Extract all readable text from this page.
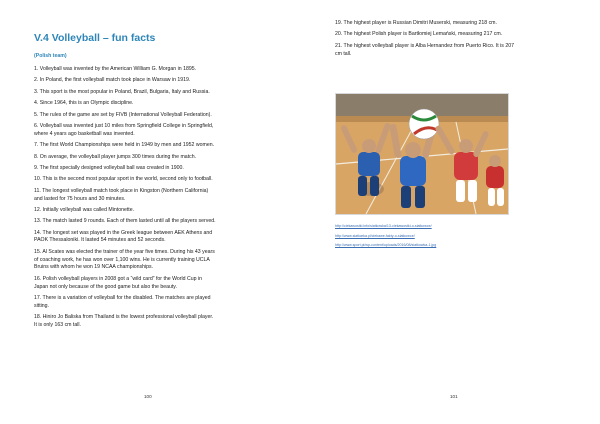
V.4 Volleyball – fun facts
(Polish team)

1. Volleyball was invented by the American William G. Morgan in 1895.

2. In Poland, the first volleyball match took place in Warsaw in 1919.

3. This sport is the most popular in Poland, Brazil, Bulgaria, Italy and Russia.

4. Since 1964, this is an Olympic discipline.

5. The rules of the game are set by FIVB (International Volleyball Federation).

6. Volleyball was invented just 10 miles from Springfield College in Springfield,
where 4 years ago basketball was invented.

7. The first World Championships were held in 1949 by men and 1952 women.

8. On average, the volleyball player jumps 300 times during the match.

9. The first specially designed volleyball ball was created in 1900.

10. This is the second most popular sport in the world, second only to football.

11. The longest volleyball match took place in Kingston (Northern California)
and lasted for 75 hours and 30 minutes.

12. Initially volleyball was called Mintonette.

13. The match lasted 9 rounds. Each of them lasted until all the players served.

14. The longest set was played in the Greek league between AEK Athens and
PAOK Thessaloniki. It lasted 54 minutes and 52 seconds.

15. Al Scates was elected the trainer of the year five times. During his 43 years
of coaching work, he has won over 1,100 wins. He is currently training UCLA
Bruins with whom he won 19 NCAA championships.

16. Polish volleyball players in 2008 got a “wild card” for the World Cup in
Japan not only because of the good game but also the beauty.

17. There is a variation of volleyball for the disabled. The matches are played
sitting.

18. Hiniro Jo Baliska from Thailand is the lowest professional volleyball player.
It is only 163 cm tall.

100

19. The highest player is Russian Dimitri Muserski, measuring 218 cm.

20. The highest Polish player is Bartłomiej Lemański, measuring 217 cm.

21. The highest volleyball player is Alba Hernandez from Puerto Rico. It is 207
cm tall.

http://ciekawostki.info/siatkowka/13-ciekawostki-o-siatkowce/
http://www.siatkarka.pl/ciekawe-fakty-o-siatkowce/
http://www.sport.pl/wp-content/uploads/2016/08/siatkowka-1.jpg
101
